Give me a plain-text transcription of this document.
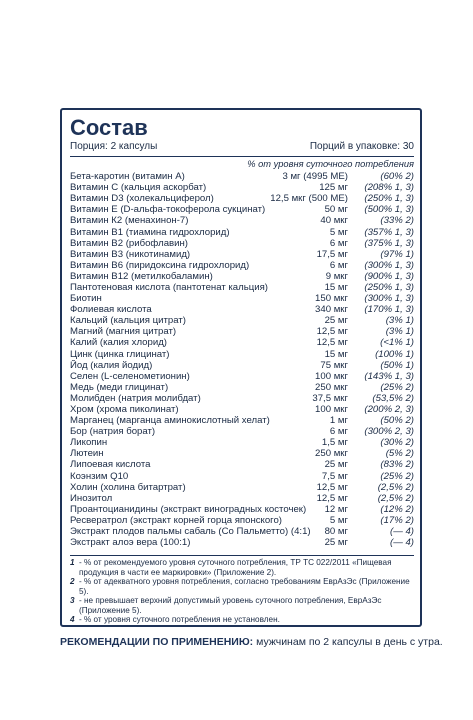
Состав
Порция: 2 капсулы	Порций в упаковке: 30
% от уровня суточного потребления
Бета-каротин (витамин А)	3 мг (4995 МЕ)	(60% 2)
Витамин С (кальция аскорбат)	125 мг	(208% 1, 3)
Витамин D3 (холекальциферол)	12,5 мкг (500 МЕ)	(250% 1, 3)
Витамин Е (D-альфа-токоферола сукцинат)	50 мг	(500% 1, 3)
Витамин К2 (менахинон-7)	40 мкг	(33% 2)
Витамин В1 (тиамина гидрохлорид)	5 мг	(357% 1, 3)
Витамин В2 (рибофлавин)	6 мг	(375% 1, 3)
Витамин В3 (никотинамид)	17,5 мг	(97% 1)
Витамин В6 (пиридоксина гидрохлорид)	6 мг	(300% 1, 3)
Витамин В12 (метилкобаламин)	9 мкг	(900% 1, 3)
Пантотеновая кислота (пантотенат кальция)	15 мг	(250% 1, 3)
Биотин	150 мкг	(300% 1, 3)
Фолиевая кислота	340 мкг	(170% 1, 3)
Кальций (кальция цитрат)	25 мг	(3% 1)
Магний (магния цитрат)	12,5 мг	(3% 1)
Калий (калия хлорид)	12,5 мг	(<1% 1)
Цинк (цинка глицинат)	15 мг	(100% 1)
Йод (калия йодид)	75 мкг	(50% 1)
Селен (L-селенометионин)	100 мкг	(143% 1, 3)
Медь (меди глицинат)	250 мкг	(25% 2)
Молибден (натрия молибдат)	37,5 мкг	(53,5% 2)
Хром (хрома пиколинат)	100 мкг	(200% 2, 3)
Марганец (марганца аминокислотный хелат)	1 мг	(50% 2)
Бор (натрия борат)	6 мг	(300% 2, 3)
Ликопин	1,5 мг	(30% 2)
Лютеин	250 мкг	(5% 2)
Липоевая кислота	25 мг	(83% 2)
Коэнзим Q10	7,5 мг	(25% 2)
Холин (холина битартрат)	12,5 мг	(2,5% 2)
Инозитол	12,5 мг	(2,5% 2)
Проантоцианидины (экстракт виноградных косточек)	12 мг	(12% 2)
Ресвератрол (экстракт корней горца японского)	5 мг	(17% 2)
Экстракт плодов пальмы сабаль (Со Пальметто) (4:1)	80 мг	(— 4)
Экстракт алоэ вера (100:1)	25 мг	(— 4)
1 - % от рекомендуемого уровня суточного потребления, ТР ТС 022/2011 «Пищевая продукция в части ее маркировки» (Приложение 2).
2 - % от адекватного уровня потребления, согласно требованиям ЕврАзЭс (Приложение 5).
3 - не превышает верхний допустимый уровень суточного потребления, ЕврАзЭс (Приложение 5).
4 - % от уровня суточного потребления не установлен.
РЕКОМЕНДАЦИИ ПО ПРИМЕНЕНИЮ: мужчинам по 2 капсулы в день с утра.
